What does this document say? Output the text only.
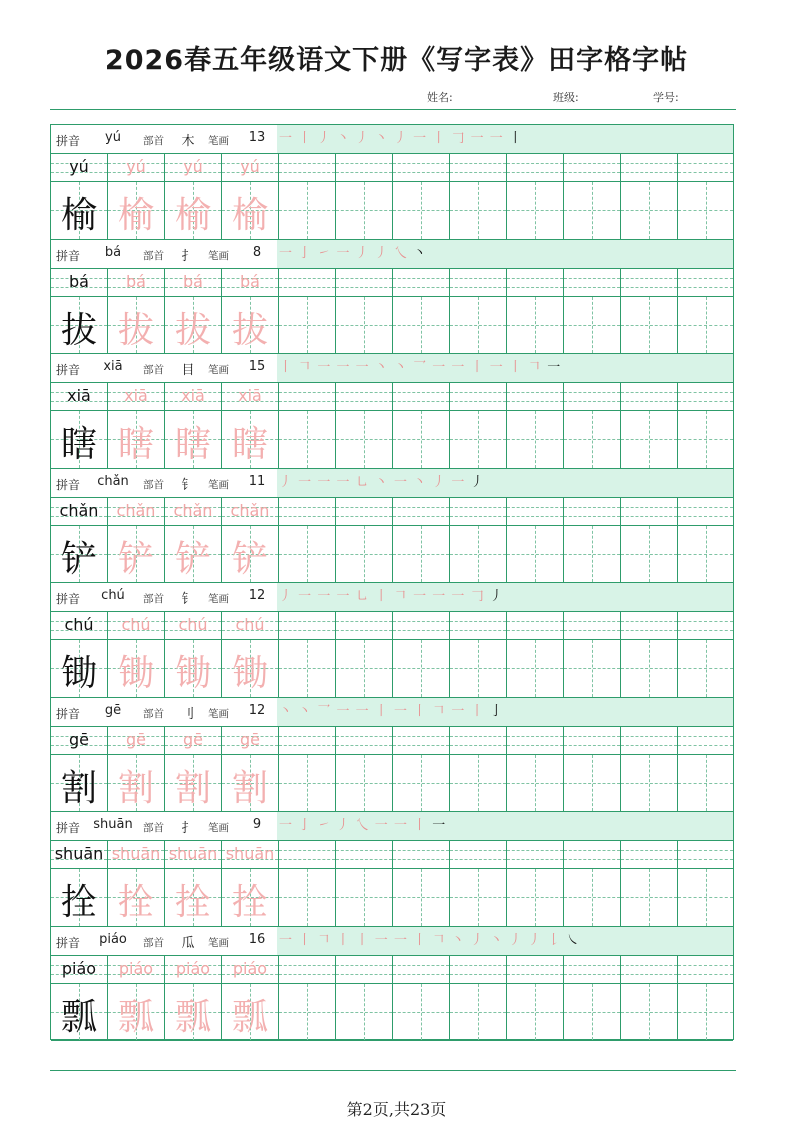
2026春五年级语文下册《写字表》田字格字帖
姓名:	班级:	学号:
拼音	yú	部首	木	笔画	13	一 丨 丿 丶 丿 丶 丿 一 丨 𠃌 一 一 丨
yú	yú	yú	yú
榆 榆 榆 榆
拼音	bá	部首	扌	笔画	8	一 亅 ㇀ 一 丿 丿 乀 丶
bá	bá	bá	bá
拔 拔 拔 拔
拼音	xiā	部首	目	笔画	15	丨 𠃍 一 一 一 丶 丶 乛 一 一 丨 一 丨 𠃍 一
xiā	xiā	xiā	xiā
瞎 瞎 瞎 瞎
拼音	chǎn	部首	钅	笔画	11	丿 一 一 一 ㇟ 丶 一 丶 丿 一 丿
chǎn	chǎn	chǎn	chǎn
铲 铲 铲 铲
拼音	chú	部首	钅	笔画	12	丿 一 一 一 ㇟ 丨 𠃍 一 一 一 𠃌 丿
chú	chú	chú	chú
锄 锄 锄 锄
拼音	gē	部首	刂	笔画	12	丶 丶 乛 一 一 丨 一 丨 𠃍 一 丨 亅
gē	gē	gē	gē
割 割 割 割
拼音	shuān 部首	扌	笔画	9	一 亅 ㇀ 丿 乀 一 一 丨 一
shuān shuān shuān shuān
拴 拴 拴 拴
拼音	piáo	部首	瓜	笔画	16	一 丨 𠃍 丨 丨 一 一 丨 𠃍 丶 丿 丶 丿 丿 𠄌 ㇏
piáo	piáo	piáo	piáo
瓢 瓢 瓢 瓢
第2页,共23页
